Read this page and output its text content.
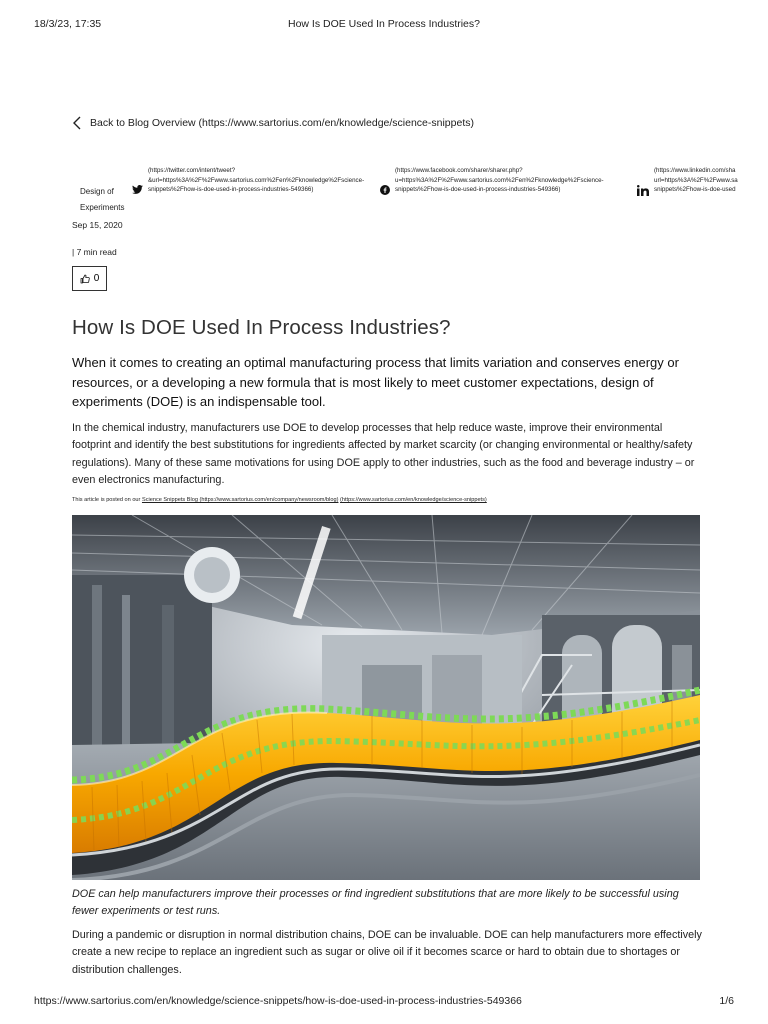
18/3/23, 17:35	How Is DOE Used In Process Industries?
Back to Blog Overview (https://www.sartorius.com/en/knowledge/science-snippets)
Design of
Experiments
(https://twitter.com/intent/tweet? &url=https%3A%2F%2Fwww.sartorius.com%2Fen%2Fknowledge%2Fscience-snippets%2Fhow-is-doe-used-in-process-industries-549366)
(https://www.facebook.com/sharer/sharer.php? u=https%3A%2F%2Fwww.sartorius.com%2Fen%2Fknowledge%2Fscience-snippets%2Fhow-is-doe-used-in-process-industries-549366)
(https://www.linkedin.com/sha url=https%3A%2F%2Fwww.sa snippets%2Fhow-is-doe-used
Sep 15, 2020
| 7 min read
0
How Is DOE Used In Process Industries?

When it comes to creating an optimal manufacturing process that limits variation and conserves energy or resources, or a developing a new formula that is most likely to meet customer expectations, design of experiments (DOE) is an indispensable tool.

In the chemical industry, manufacturers use DOE to develop processes that help reduce waste, improve their environmental footprint and identify the best substitutions for ingredients affected by market scarcity (or changing environmental or healthy/safety regulations). Many of these same motivations for using DOE apply to other industries, such as the food and beverage industry – or even electronics manufacturing.

This article is posted on our Science Snippets Blog (https://www.sartorius.com/en/company/newsroom/blog) (https://www.sartorius.com/en/knowledge/science-snippets)

DOE can help manufacturers improve their processes or find ingredient substitutions that are more likely to be successful using fewer experiments or test runs.

During a pandemic or disruption in normal distribution chains, DOE can be invaluable. DOE can help manufacturers more effectively create a new recipe to replace an ingredient such as sugar or olive oil if it becomes scarce or hard to obtain due to shortages or distribution challenges.

https://www.sartorius.com/en/knowledge/science-snippets/how-is-doe-used-in-process-industries-549366	1/6
